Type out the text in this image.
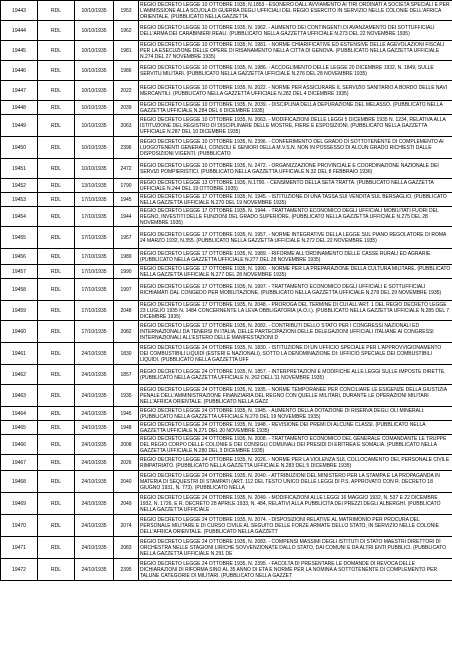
19443	RDL	10/10/1935	1953	REGIO DECRETO LEGGE 10 OTTOBRE 1935, N.1853 - ESONERO DALL'AVVIAMENTO AI TIRI ORDINATI A SOCIETA SPECIALI E PER L'AMMISSIONE ALLA SCUOLA DI GUERRA DEGLI UFFICIALI DEL REGIO ESERCITO IN SERVIZIO NELLE COLONIE DELL'AFRICA ORIENTALE. (PUBBLICATO NELLA GAZZETTA
19444	RDL	10/10/1935	1962	REGIO DECRETO LEGGE 10 OTTOBRE 1935, N. 1962. - AUMENTO DEI CONTINGENTI DI AVANZAMENTO DEI SOTTUFFICIALI DELL'ARMA DEI CARABINIERI REALI. (PUBBLICATO NELLA GAZZETTA UFFICIALE N.273 DEL 22 NOVEMBRE 1935)
19445	RDL	10/10/1935	1981	REGIO DECRETO LEGGE 10 OTTOBRE 1935, N. 1981. - NORME CHIARIFICATIVE ED ESTENSIVE DELLE AGEVOLAZIONI FISCALI PER LA ESECUZIONE DELLE OPERE DI RISANAMENTO NELLA CITTA DI GENOVA. (PUBBLICATO NELLA GAZZETTA UFFICIALE N.274 DEL 27 NOVEMBRE 1935)
19446	RDL	10/10/1935	1986	REGIO DECRETO LEGGE 10 OTTOBRE 1935, N. 1986. - ACCOGLIMENTO DELLE LEGGE 20 DICEMBRE 1932, N. 1849, SULLE SERVITU MILITARI. (PUBBLICATO NELLA GAZZETTA UFFICIALE N.276 DEL 28 NOVEMBRE 1935)
19447	RDL	10/10/1935	2022	REGIO DECRETO LEGGE 10 OTTOBRE 1935, N. 2022. - NORME PER ASSICURARE IL SERVIZIO SANITARIO A BORDO DELLE NAVI MERCANTILI. (PUBBLICATO NELLA GAZZETTA UFFICIALE N.282 DEL 4 DICEMBRE 1935)
19448	RDL	10/10/1935	2039	REGIO DECRETO LEGGE 10 OTTOBRE 1935, N. 2039. - DISCIPLINA DELLA DEPURAZIONE DEL MELASSO. (PUBBLICATO NELLA GAZZETTA UFFICIALE N.284 DEL 6 DICEMBRE 1935)
19449	RDL	10/10/1935	2063	REGIO DECRETO LEGGE 10 OTTOBRE 1935, N. 2063. - MODIFICAZIONI DELLE LEGGI 5 DICEMBRE 1935 N. 1234, RELATIVA ALLA ISTITUZIONE DEL REGISTRO DI DISCIPLINARE DELLE MOSTRE, FIERE E ESPOSIZIONI. (PUBBLICATO NELLA GAZZETTA UFFICIALE N.287 DEL 10 DICEMBRE 1935)
19450	RDL	10/10/1935	2396	REGIO DECRETO LEGGE 10 OTTOBRE 1935, N. 2396. - CONFERIMENTO DEL GRADO DI SOTTOTENENTE DI COMPLEMENTO AI LUOGOTENENTI GENERALI, CONSOLI E SENIORI DELLA M.V.S.N. NON IN POSSESSO DI ALCUN GRADO RICHIESTI DALLE DISPOSIZIONI VIGENTI. (PUBBLICATO
19451	RDL	10/10/1935	2472	REGIO DECRETO LEGGE 10 OTTOBRE 1935, N. 2472. - ORGANIZZAZIONE PROVINCIALE E COORDINAZIONE NAZIONALE DEI SERVIZI POMPIERISTICI. (PUBBLICATO NELLA GAZZETTA UFFICIALE N.32 DEL 8 FEBBRAIO 1936)
19452	RDL	13/10/1935	1790	REGIO DECRETO LEGGE 13 OTTOBRE 1935, N.1790. - CENSIMENTO DELLA SETA TRATTA. (PUBBLICATO NELLA GAZZETTA UFFICIALE N.244 DEL 19 OTTOBRE 1935)
19453	RDL	17/10/1935	1945	REGIO DECRETO LEGGE 17 OTTOBRE 1935, N. 1945. - ISTITUZIONE DI UNA TASSA SUI VENDITA SUL BERSAGLIO. (PUBBLICATO NELLA GAZZETTA UFFICIALE N.270 DEL 19 NOVEMBRE 1935)
19454	RDL	17/10/1935	1944	REGIO DECRETO LEGGE 17 OTTOBRE 1935, N. 1944. - TRATTAMENTO ECONOMICO DEGLI UFFICIALI MOBILITATI FUORI DEL REGNO, INVESTITI DELLE FUNZIONI DEL GRADO SUPERIORE. (PUBBLICATO NELLA GAZZETTA UFFICIALE N.275 DEL 28 NOVEMBRE 1935)
19455	RDL	17/10/1935	1957	REGIO DECRETO LEGGE 17 OTTOBRE 1935, N. 1957. - NORME INTEGRATIVE DELLA LEGGE SUL PIANO REGOLATORE DI ROMA 24 MARZO 1932, N.355. (PUBBLICATO NELLA GAZZETTA UFFICIALE N.272 DEL 22 NOVEMBRE 1935)
19456	RDL	17/10/1935	1989	REGIO DECRETO LEGGE 17 OTTOBRE 1935, N. 1989. - RIFORME ALL'ORDINAMENTO DELLE CASSE RURALI ED AGRARIE. (PUBBLICATO NELLA GAZZETTA UFFICIALE N.277 DEL 28 NOVEMBRE 1935)
19457	RDL	17/10/1935	1990	REGIO DECRETO LEGGE 17 OTTOBRE 1935, N. 1990. - NORME PER LA PREPARAZIONE DELLA CULTURA MILITARE. (PUBBLICATO NELLA GAZZETTA UFFICIALE N.277 DEL 28 NOVEMBRE 1935)
19458	RDL	17/10/1935	1997	REGIO DECRETO LEGGE 17 OTTOBRE 1935, N. 1997. - TRATTAMENTO ECONOMICO DEGLI UFFICIALI E SOTTUFFICIALI RICHIAMATI DAL CONGEDO PER MOBILITAZIONE. (PUBBLICATO NELLA GAZZETTA UFFICIALE N.278 DEL 29 NOVEMBRE 1935)
19459	RDL	17/10/1935	2048	REGIO DECRETO LEGGE 17 OTTOBRE 1935, N. 2048. - PROROGA DEL TERMINE DI CUI ALL'ART. 1 DEL REGIO DECRETO LEGGE 23 LUGLIO 1935 N. 1484 CONCERNENTE LA LEVA OBBLIGATORIA (A.O.I.). (PUBBLICATO NELLA GAZZETTA UFFICIALE N.285 DEL 7 DICEMBRE 1935)
19460	RDL	17/10/1935	2082	REGIO DECRETO LEGGE 17 OTTOBRE 1935, N. 2082. - CONTRIBUTI DELLO STATO PER I CONGRESSI NAZIONALI ED INTERNAZIONALI DA TENERSI IN ITALIA, DELLE PARTECIPAZIONI DELLE DELEGAZIONI UFFICIALI ITALIANE AI CONGRESSI INTERNAZIONALI ALL'ESTERO DELLE MANIFESTAZIONI D
19461	RDL	24/10/1935	1830	REGIO DECRETO LEGGE 24 OTTOBRE 1935, N. 1830. - ISTITUZIONE DI UN UFFICIO SPECIALE PER L'APPROVVIGIONAMENTO DEI COMBUSTIBILI LIQUIDI (ESTERI E NAZIONALI), SOTTO LA DENOMINAZIONE DI: UFFICIO SPECIALE DEI COMBUSTIBILI LIQUIDI. (PUBBLICATO NELLA GAZZETTA UFF
19462	RDL	24/10/1935	1857	REGIO DECRETO LEGGE 24 OTTOBRE 1935, N. 1857. - INTERPRETAZIONI E MODIFICHE ALLE LEGGI SULLE IMPOSTE DIRETTE. (PUBBLICATO NELLA GAZZETTA UFFICIALE N. 262 DELL'11 NOVEMBRE 1935)
19463	RDL	24/10/1935	1935	REGIO DECRETO LEGGE 24 OTTOBRE 1935, N. 1935. - NORME TEMPORANEE PER CONCILIARE LE ESIGENZE DELLA GIUSTIZIA PENALE DELL'AMMINISTRAZIONE FINANZIARIA DEL REGNO CON QUELLE MILITARI, DURANTE LE OPERAZIONI MILITARI NELL'AFRICA ORIENTALE. (PUBBLICATO NELLA GAZZ
19464	RDL	24/10/1935	1945	REGIO DECRETO LEGGE 24 OTTOBRE 1935, N. 1945. - AUMENTO DELLA DOTAZIONE DI RISERVA DEGLI OLI MINERALI. (PUBBLICATO NELLA GAZZETTA UFFICIALE N.270 DEL 19 NOVEMBRE 1935)
19465	RDL	24/10/1935	1948	REGIO DECRETO LEGGE 24 OTTOBRE 1935, N. 1948. - REVISIONE DEI PREMI DI ALCUNE CLASSI. (PUBBLICATO NELLA GAZZETTA UFFICIALE N.271 DEL 20 NOVEMBRE 1935)
19466	RDL	24/10/1935	2008	REGIO DECRETO LEGGE 24 OTTOBRE 1935, N. 2008. - TRATTAMENTO ECONOMICO DEL GENERALE COMANDANTE LE TRUPPE DEL REGIO CORPO DELLE COLONIE E DEI CONSIGLI COMUNALI DEI PRESIDI DI ERITREA E SOMALIA. (PUBBLICATO NELLA GAZZETTA UFFICIALE N.280 DEL 3 DICEMBRE 1935)
19467	RDL	24/10/1935	2026	REGIO DECRETO LEGGE 24 OTTOBRE 1935, N. 2026. - NORME PER LA VIOLENZA SUL COLLOCAMENTO DEL PERSONALE CIVILE RIMPATRIATO. (PUBBLICATO NELLA GAZZETTA UFFICIALE N.283 DEL 5 DICEMBRE 1935)
19468	RDL	24/10/1935	2040	REGIO DECRETO LEGGE 24 OTTOBRE 1935, N. 2040. - ATTRIBUZIONI DEL MINISTERO PER LA STAMPA E LA PROPAGANDA IN MATERIA DI SEQUESTRI DI STAMPATI (ART. 112 DEL TESTO UNICO DELLE LEGGI DI P.S. APPROVATO CON R. DECRETO 18 GIUGNO 1931, N. 773). (PUBBLICATO NELLA
19469	RDL	24/10/1935	2049	REGIO DECRETO LEGGE 24 OTTOBRE 1935, N. 2049. - MODIFICAZIONI ALLE LEGGI 16 MAGGIO 1932, N. 537 E 22 DICEMBRE 1932, N. 1726, E R. DECRETO 28 APRILE 1933, N. 484, RELATIVI ALLA PUBBLICITA DEI PREZZI DEGLI ALBERGHI. (PUBBLICATO NELLA GAZZETTA UFFICIALE
19470	RDL	24/10/1935	2074	REGIO DECRETO LEGGE 24 OTTOBRE 1935, N. 2074. - DISPOSIZIONI RELATIVE AL MATRIMONIO PER PROCURA DEL PERSONALE MILITARE E DI CURSO CIVILE AL SEGUITO DELLE FORZE ARMATE DELLO STATO, IN SERVIZIO NELLE COLONIE DELL'AFRICA ORIENTALE. (PUBBLICATO NELLA GAZZETT
19471	RDL	24/10/1935	2083	REGIO DECRETO LEGGE 24 OTTOBRE 1935, N. 2083. - COMPENSI MASSIMI DEGLI ISTITUTI DI STATO MAESTRI DIRETTORI DI ORCHESTRA NELLE STAGIONI LIRICHE SOVVENZIONATE DALLO STATO, DAI COMUNI E DA ALTRI ENTI PUBBLICI. (PUBBLICATO NELLA GAZZETTA UFFICIALE N.291 DE
19472	RDL	24/10/1935	2395	REGIO DECRETO LEGGE 24 OTTOBRE 1935, N. 2395. - FACOLTA DI PRESENTARE LE DOMANDE DI REVOCA DELLE DICHIARAZIONI DI RIFORMA SINO AL 35 ANNO DI ETA E NORME PER LA NOMINA A SOTTOTENENTE DI COMPLEMENTO PER TALUNE CATEGORIE DI MILITARI. (PUBBLICATO NELLA GAZZET
